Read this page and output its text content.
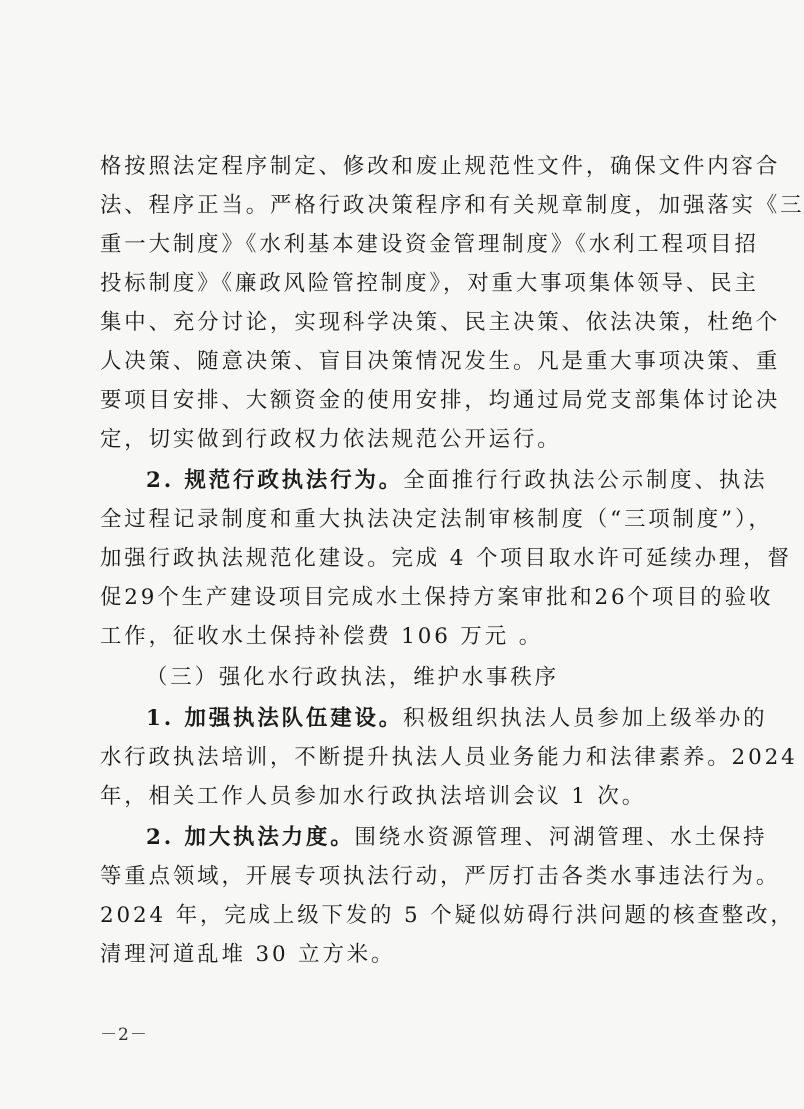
格按照法定程序制定、修改和废止规范性文件，确保文件内容合
法、程序正当。严格行政决策程序和有关规章制度，加强落实《三
重一大制度》《水利基本建设资金管理制度》《水利工程项目招
投标制度》《廉政风险管控制度》，对重大事项集体领导、民主
集中、充分讨论，实现科学决策、民主决策、依法决策，杜绝个
人决策、随意决策、盲目决策情况发生。凡是重大事项决策、重
要项目安排、大额资金的使用安排，均通过局党支部集体讨论决
定，切实做到行政权力依法规范公开运行。

2. 规范行政执法行为。全面推行行政执法公示制度、执法
全过程记录制度和重大执法决定法制审核制度（“三项制度”），
加强行政执法规范化建设。完成 4 个项目取水许可延续办理，督
促29个生产建设项目完成水土保持方案审批和26个项目的验收
工作，征收水土保持补偿费 106 万元 。

（三）强化水行政执法，维护水事秩序

1. 加强执法队伍建设。积极组织执法人员参加上级举办的
水行政执法培训，不断提升执法人员业务能力和法律素养。2024
年，相关工作人员参加水行政执法培训会议 1 次。

2. 加大执法力度。围绕水资源管理、河湖管理、水土保持
等重点领域，开展专项执法行动，严厉打击各类水事违法行为。
2024 年，完成上级下发的 5 个疑似妨碍行洪问题的核查整改，
清理河道乱堆 30 立方米。

－2－
